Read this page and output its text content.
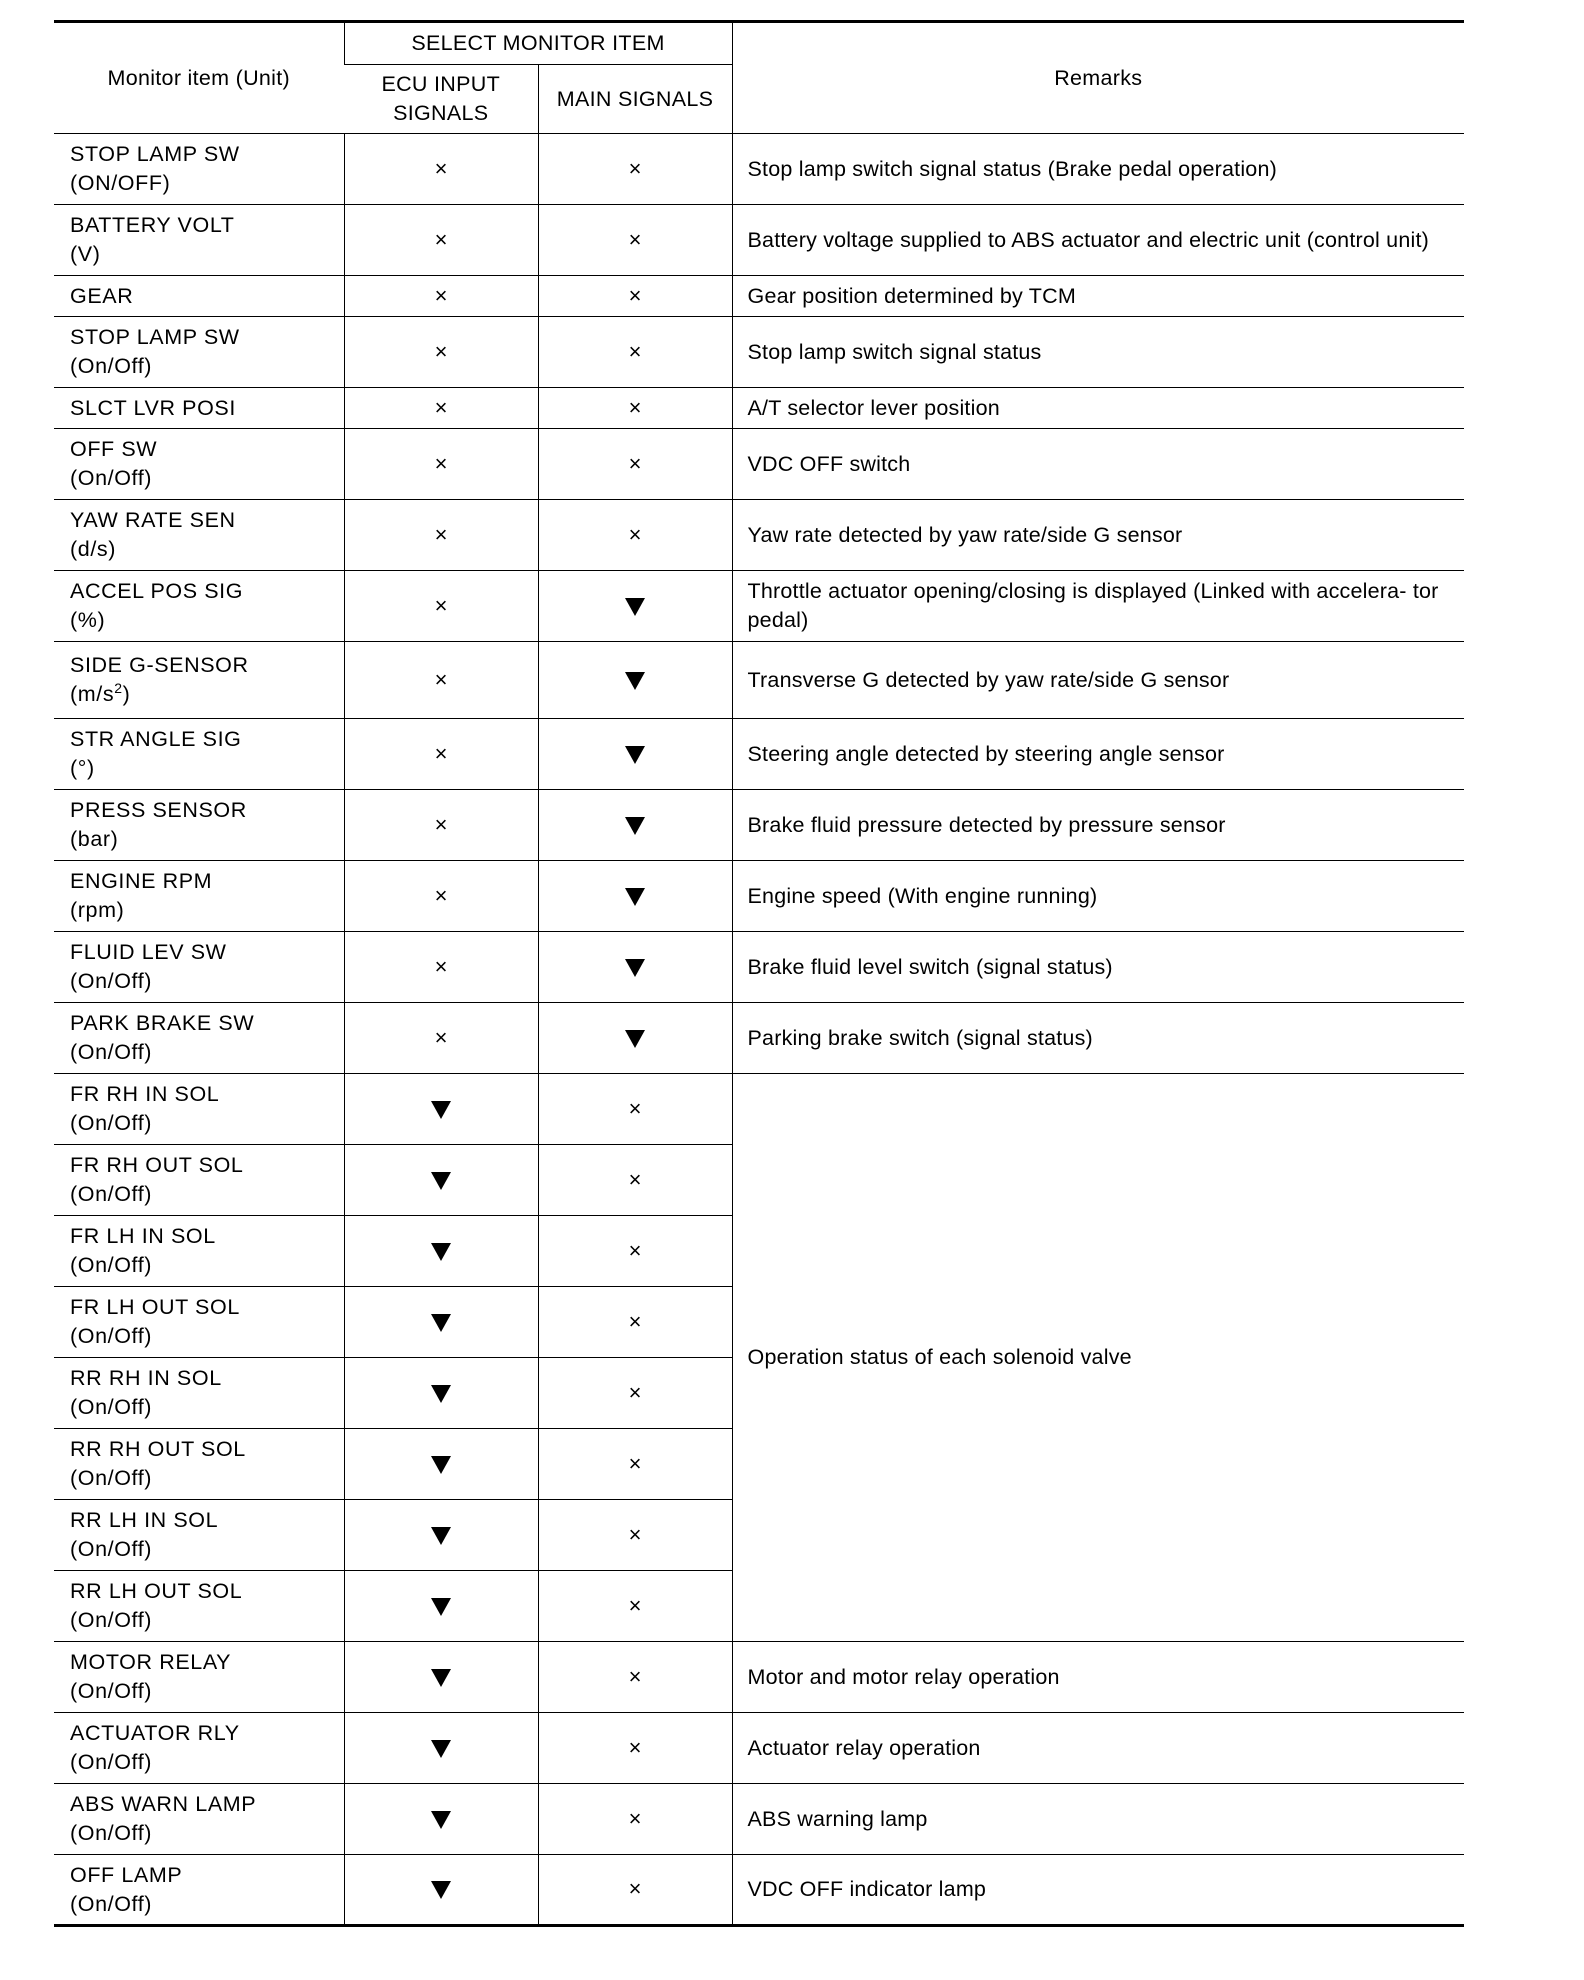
Monitor item (Unit)	SELECT MONITOR ITEM		Remarks
	ECU INPUT
SIGNALS	MAIN SIGNALS	

STOP LAMP SW
(ON/OFF)	×	×	Stop lamp switch signal status (Brake pedal operation)

BATTERY VOLT
(V)	×	×	Battery voltage supplied to ABS actuator and electric unit (control unit)

GEAR	×	×	Gear position determined by TCM

STOP LAMP SW
(On/Off)	×	×	Stop lamp switch signal status

SLCT LVR POSI	×	×	A/T selector lever position

OFF SW
(On/Off)	×	×	VDC OFF switch

YAW RATE SEN
(d/s)	×	×	Yaw rate detected by yaw rate/side G sensor

ACCEL POS SIG
(%)	×		Throttle actuator opening/closing is displayed (Linked with accelera- tor pedal)

SIDE G-SENSOR
$(m/s^2)$	×		Transverse G detected by yaw rate/side G sensor

STR ANGLE SIG
(°)	×		Steering angle detected by steering angle sensor

PRESS SENSOR
(bar)	×		Brake fluid pressure detected by pressure sensor

ENGINE RPM
(rpm)	×		Engine speed (With engine running)

FLUID LEV SW
(On/Off)	×		Brake fluid level switch (signal status)

PARK BRAKE SW
(On/Off)	×		Parking brake switch (signal status)

FR RH IN SOL
(On/Off)		×	Operation status of each solenoid valve

FR RH OUT SOL
(On/Off)		×	

FR LH IN SOL
(On/Off)		×	

FR LH OUT SOL
(On/Off)		×	

RR RH IN SOL
(On/Off)		×	

RR RH OUT SOL
(On/Off)		×	

RR LH IN SOL
(On/Off)		×	

RR LH OUT SOL
(On/Off)		×	

MOTOR RELAY
(On/Off)		×	Motor and motor relay operation

ACTUATOR RLY
(On/Off)		×	Actuator relay operation

ABS WARN LAMP
(On/Off)		×	ABS warning lamp

OFF LAMP
(On/Off)		×	VDC OFF indicator lamp
